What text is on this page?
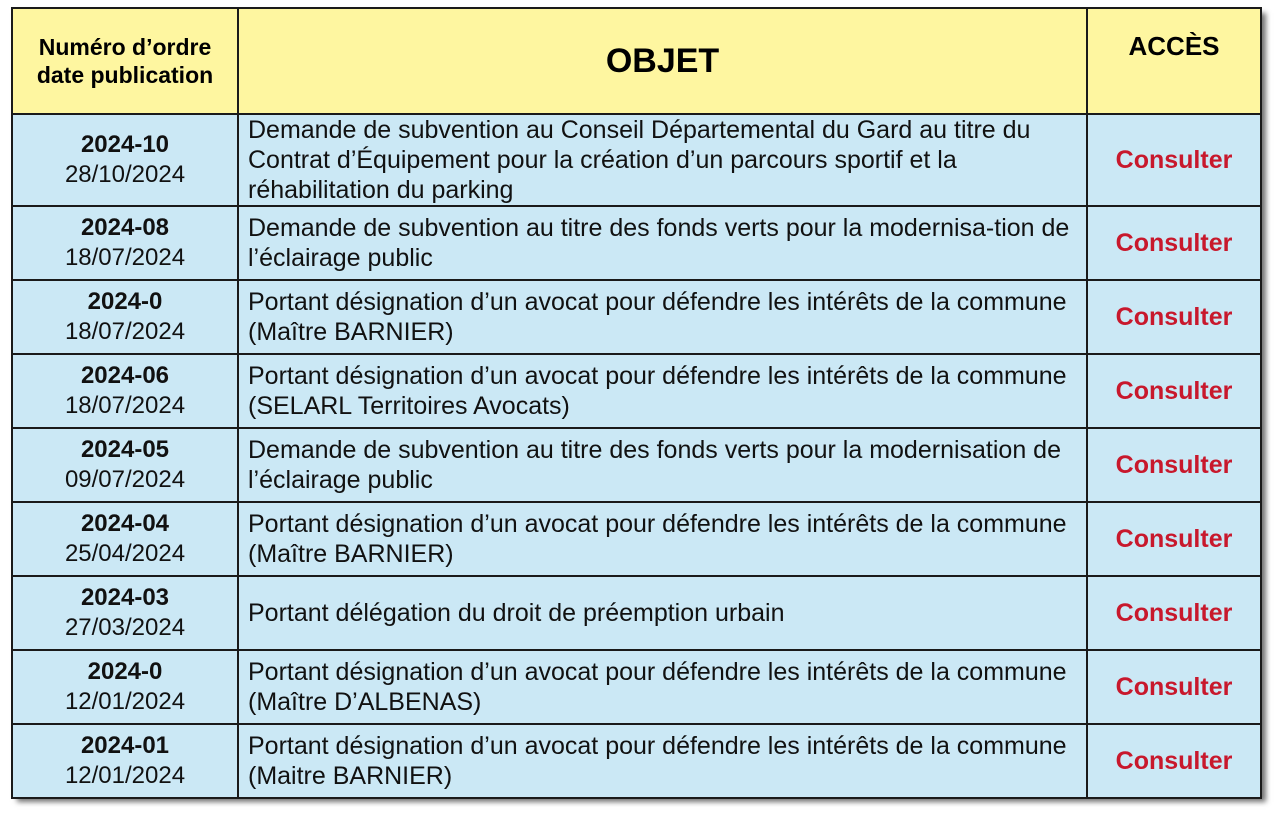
Numéro d’ordre
date publication	OBJET	ACCÈS

2024-10
28/10/2024	Demande de subvention au Conseil Départemental du Gard au titre du Contrat d’Équipement pour la création d’un parcours sportif et la réhabilitation du parking	Consulter

2024-08
18/07/2024	Demande de subvention au titre des fonds verts pour la modernisa-tion de l’éclairage public	Consulter

2024-0
18/07/2024	Portant désignation d’un avocat pour défendre les intérêts de la commune (Maître BARNIER)	Consulter

2024-06
18/07/2024	Portant désignation d’un avocat pour défendre les intérêts de la commune (SELARL Territoires Avocats)	Consulter

2024-05
09/07/2024	Demande de subvention au titre des fonds verts pour la modernisation de l’éclairage public	Consulter

2024-04
25/04/2024	Portant désignation d’un avocat pour défendre les intérêts de la commune (Maître BARNIER)	Consulter

2024-03
27/03/2024	Portant délégation du droit de préemption urbain	Consulter

2024-0
12/01/2024	Portant désignation d’un avocat pour défendre les intérêts de la commune (Maître D’ALBENAS)	Consulter

2024-01
12/01/2024	Portant désignation d’un avocat pour défendre les intérêts de la commune (Maitre BARNIER)	Consulter
